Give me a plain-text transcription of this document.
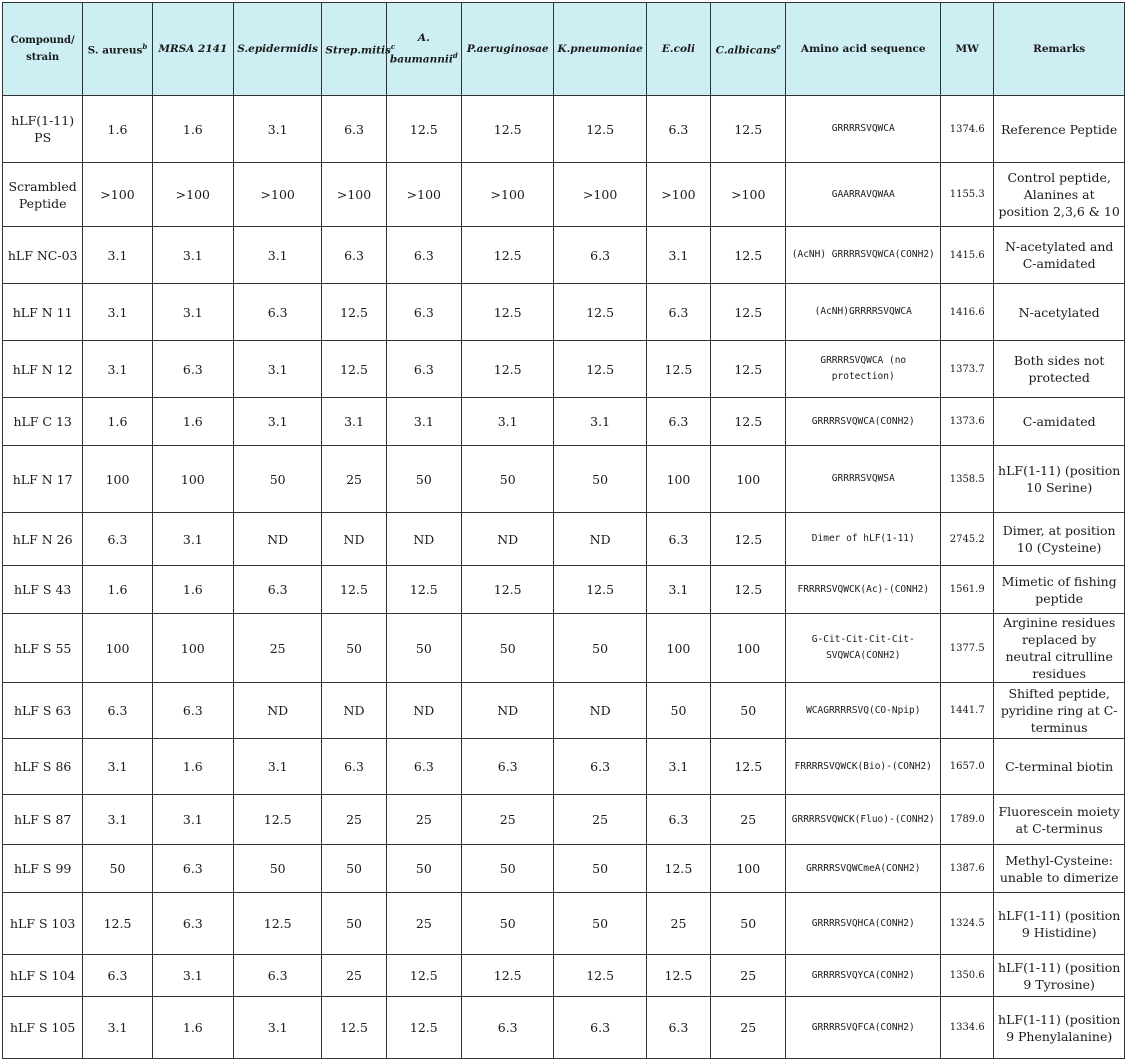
Compound/ strain	S. aureus$^b$	MRSA 2141	S.epidermidis	Strep.mitis	A. baumannii$^d$	P.aeruginosae	K.pneumoniae	E.coli	C.albicans$^e$	Amino acid sequence	MW	Remarks
hLF(1-11) PS	1.6	1.6	3.1	6.3	12.5	12.5	12.5	6.3	12.5	GRRRRSVQWCA	1374.6	Reference Peptide
Scrambled Peptide	>100	>100	>100	>100	>100	>100	>100	>100	>100	GAARRAVQWAA	1155.3	Control peptide, Alanines at position 2,3,6 & 10
hLF NC-03	3.1	3.1	3.1	6.3	6.3	12.5	6.3	3.1	12.5	(AcNH) GRRRRSVQWCA(CONH2)	1415.6	N-acetylated and C-amidated
hLF N 11	3.1	3.1	6.3	12.5	6.3	12.5	12.5	6.3	12.5	(AcNH)GRRRRSVQWCA	1416.6	N-acetylated
hLF N 12	3.1	6.3	3.1	12.5	6.3	12.5	12.5	12.5	12.5	GRRRRSVQWCA (no protection)	1373.7	Both sides not protected
hLF C 13	1.6	1.6	3.1	3.1	3.1	3.1	3.1	6.3	12.5	GRRRRSVQWCA(CONH2)	1373.6	C-amidated
hLF N 17	100	100	50	25	50	50	50	100	100	GRRRRSVQWSA	1358.5	hLF(1-11) (position 10 Serine)
hLF N 26	6.3	3.1	ND	ND	ND	ND	ND	6.3	12.5	Dimer of hLF(1-11)	2745.2	Dimer, at position 10 (Cysteine)
hLF S 43	1.6	1.6	6.3	12.5	12.5	12.5	12.5	3.1	12.5	FRRRRSVQWCK(Ac)-(CONH2)	1561.9	Mimetic of fishing peptide
hLF S 55	100	100	25	50	50	50	50	100	100	G-Cit-Cit-Cit-Cit-SVQWCA(CONH2)	1377.5	Arginine residues replaced by neutral citrulline residues
hLF S 63	6.3	6.3	ND	ND	ND	ND	ND	50	50	WCAGRRRRSVQ(CO-Npip)	1441.7	Shifted peptide, pyridine ring at C-terminus
hLF S 86	3.1	1.6	3.1	6.3	6.3	6.3	6.3	3.1	12.5	FRRRRSVQWCK(Bio)-(CONH2)	1657.0	C-terminal biotin
hLF S 87	3.1	3.1	12.5	25	25	25	25	6.3	25	GRRRRSVQWCK(Fluo)-(CONH2)	1789.0	Fluorescein moiety at C-terminus
hLF S 99	50	6.3	50	50	50	50	50	12.5	100	GRRRRSVQWCmeA(CONH2)	1387.6	Methyl-Cysteine: unable to dimerize
hLF S 103	12.5	6.3	12.5	50	25	50	50	25	50	GRRRRSVQHCA(CONH2)	1324.5	hLF(1-11) (position 9 Histidine)
hLF S 104	6.3	3.1	6.3	25	12.5	12.5	12.5	12.5	25	GRRRRSVQYCA(CONH2)	1350.6	hLF(1-11) (position 9 Tyrosine)
hLF S 105	3.1	1.6	3.1	12.5	12.5	6.3	6.3	6.3	25	GRRRRSVQFCA(CONH2)	1334.6	hLF(1-11) (position 9 Phenylalanine)
